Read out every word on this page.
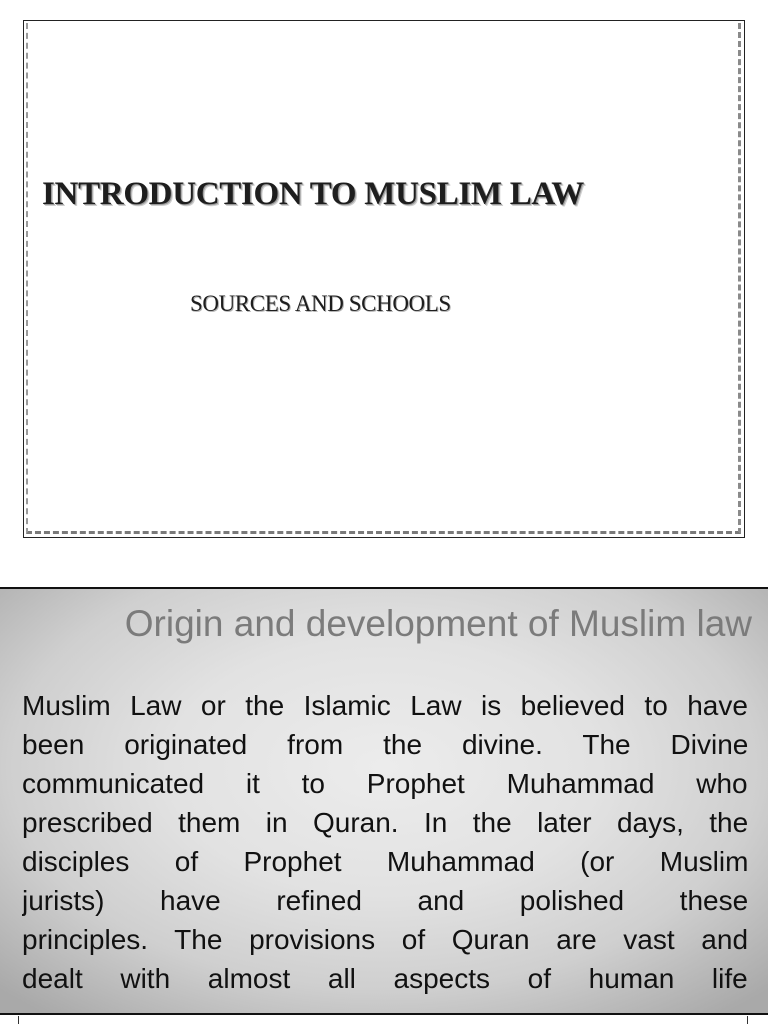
INTRODUCTION TO MUSLIM LAW
SOURCES AND SCHOOLS
Origin and development of Muslim law
Muslim Law or the Islamic Law is believed to have
been originated from the divine. The Divine
communicated it to Prophet Muhammad who
prescribed them in Quran. In the later days, the
disciples of Prophet Muhammad (or Muslim
jurists) have refined and polished these
principles. The provisions of Quran are vast and
dealt with almost all aspects of human life
